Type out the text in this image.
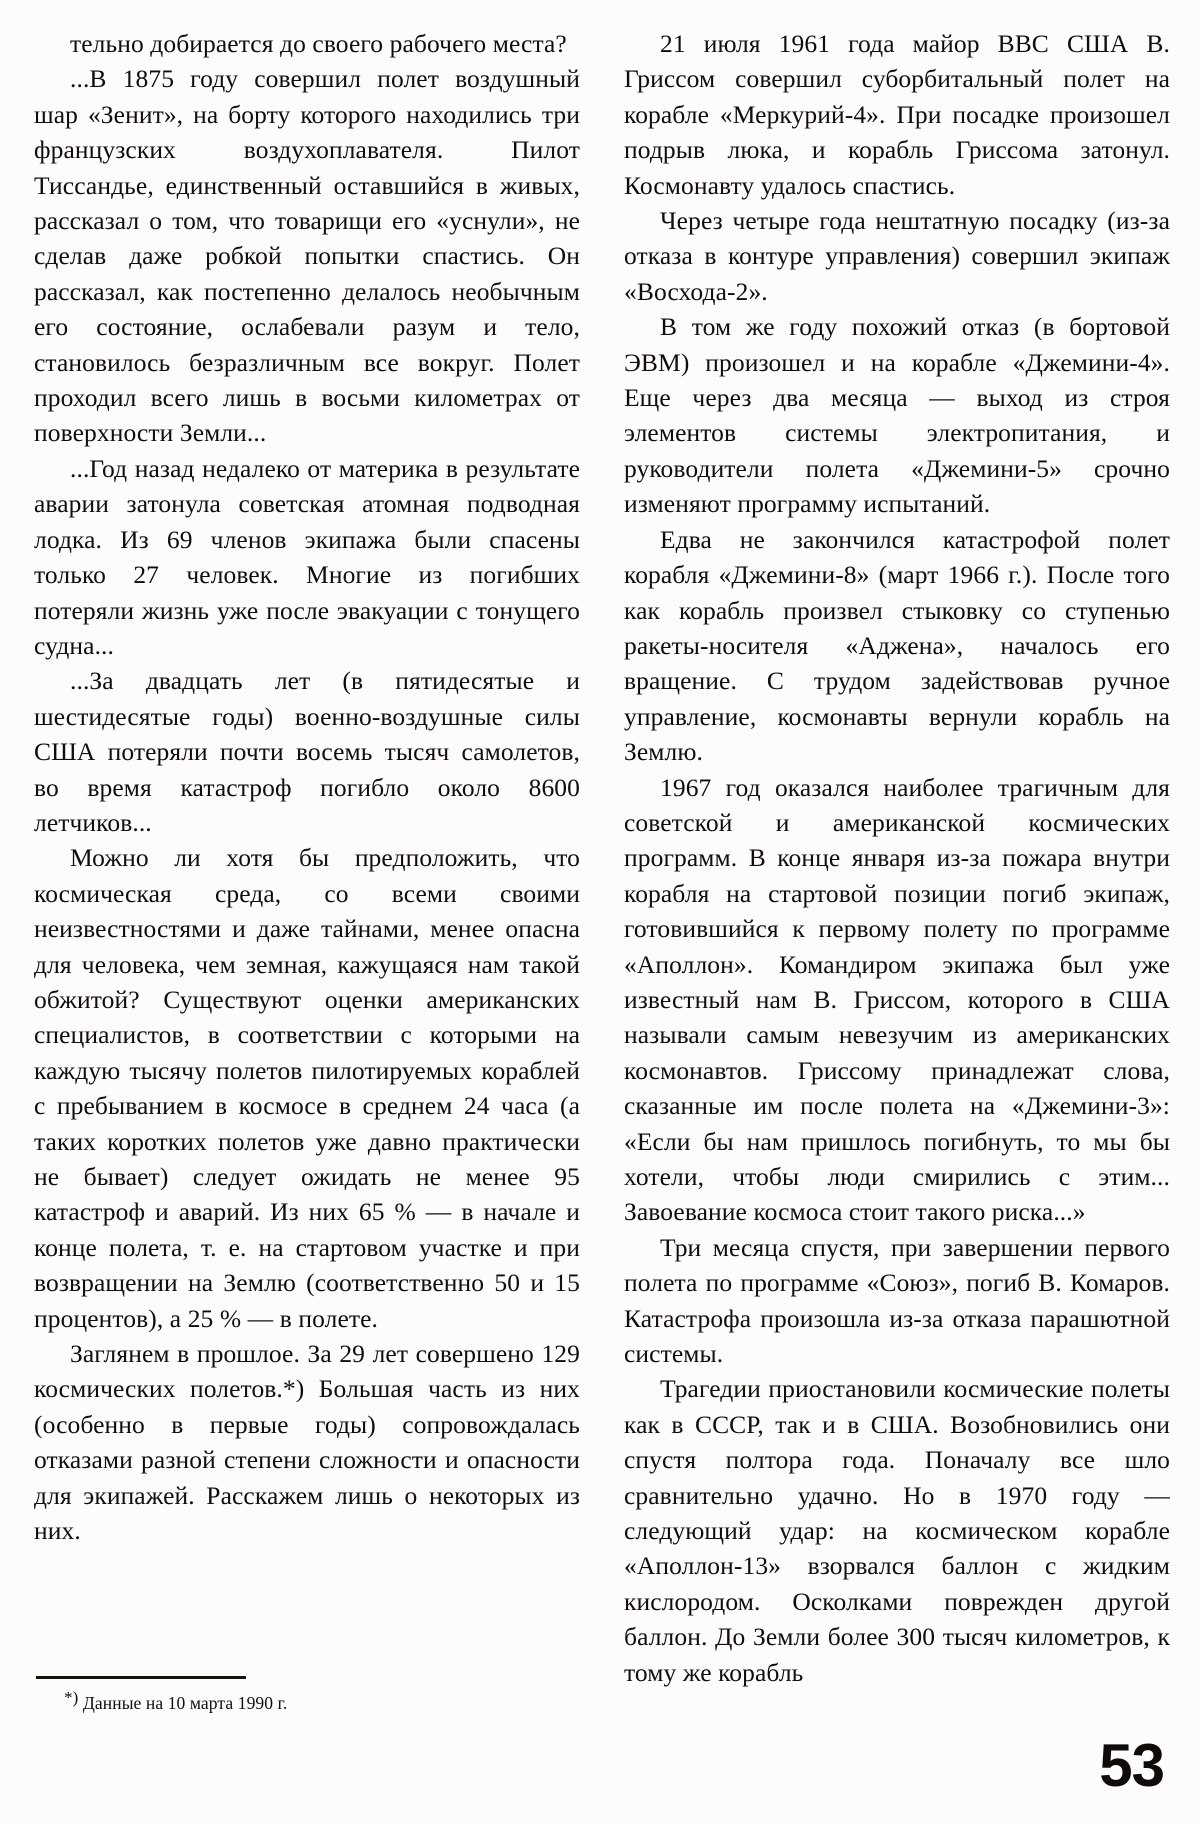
тельно добирается до своего рабочего места?

...В 1875 году совершил полет воздушный шар «Зенит», на борту которого находились три французских воздухоплавателя. Пилот Тиссандье, единственный оставшийся в живых, рассказал о том, что товарищи его «уснули», не сделав даже робкой попытки спастись. Он рассказал, как постепенно делалось необычным его состояние, ослабевали разум и тело, становилось безразличным все вокруг. Полет проходил всего лишь в восьми километрах от поверхности Земли...

...Год назад недалеко от материка в результате аварии затонула советская атомная подводная лодка. Из 69 членов экипажа были спасены только 27 человек. Многие из погибших потеряли жизнь уже после эвакуации с тонущего судна...

...За двадцать лет (в пятидесятые и шестидесятые годы) военно-воздушные силы США потеряли почти восемь тысяч самолетов, во время катастроф погибло около 8600 летчиков...

Можно ли хотя бы предположить, что космическая среда, со всеми своими неизвестностями и даже тайнами, менее опасна для человека, чем земная, кажущаяся нам такой обжитой? Существуют оценки американских специалистов, в соответствии с которыми на каждую тысячу полетов пилотируемых кораблей с пребыванием в космосе в среднем 24 часа (а таких коротких полетов уже давно практически не бывает) следует ожидать не менее 95 катастроф и аварий. Из них 65 % — в начале и конце полета, т. е. на стартовом участке и при возвращении на Землю (соответственно 50 и 15 процентов), а 25 % — в полете.

Заглянем в прошлое. За 29 лет совершено 129 космических полетов.*) Большая часть из них (особенно в первые годы) сопровождалась отказами разной степени сложности и опасности для экипажей. Расскажем лишь о некоторых из них.

*) Данные на 10 марта 1990 г.

21 июля 1961 года майор ВВС США В. Гриссом совершил суборбитальный полет на корабле «Меркурий-4». При посадке произошел подрыв люка, и корабль Гриссома затонул. Космонавту удалось спастись.

Через четыре года нештатную посадку (из-за отказа в контуре управления) совершил экипаж «Восхода-2».

В том же году похожий отказ (в бортовой ЭВМ) произошел и на корабле «Джемини-4». Еще через два месяца — выход из строя элементов системы электропитания, и руководители полета «Джемини-5» срочно изменяют программу испытаний.

Едва не закончился катастрофой полет корабля «Джемини-8» (март 1966 г.). После того как корабль произвел стыковку со ступенью ракеты-носителя «Аджена», началось его вращение. С трудом задействовав ручное управление, космонавты вернули корабль на Землю.

1967 год оказался наиболее трагичным для советской и американской космических программ. В конце января из-за пожара внутри корабля на стартовой позиции погиб экипаж, готовившийся к первому полету по программе «Аполлон». Командиром экипажа был уже известный нам В. Гриссом, которого в США называли самым невезучим из американских космонавтов. Гриссому принадлежат слова, сказанные им после полета на «Джемини-3»: «Если бы нам пришлось погибнуть, то мы бы хотели, чтобы люди смирились с этим... Завоевание космоса стоит такого риска...»

Три месяца спустя, при завершении первого полета по программе «Союз», погиб В. Комаров. Катастрофа произошла из-за отказа парашютной системы.

Трагедии приостановили космические полеты как в СССР, так и в США. Возобновились они спустя полтора года. Поначалу все шло сравнительно удачно. Но в 1970 году — следующий удар: на космическом корабле «Аполлон-13» взорвался баллон с жидким кислородом. Осколками поврежден другой баллон. До Земли более 300 тысяч километров, к тому же корабль

53
